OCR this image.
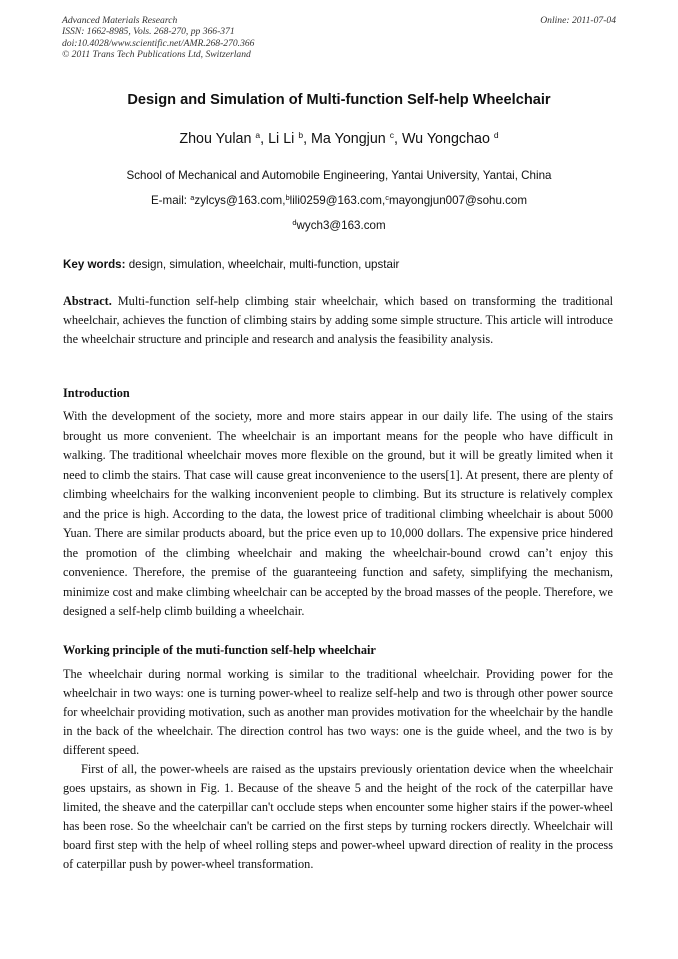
Advanced Materials Research
ISSN: 1662-8985, Vols. 268-270, pp 366-371
doi:10.4028/www.scientific.net/AMR.268-270.366
© 2011 Trans Tech Publications Ltd, Switzerland
Online: 2011-07-04
Design and Simulation of Multi-function Self-help Wheelchair
Zhou Yulan $^a$, Li Li $^b$, Ma Yongjun $^c$, Wu Yongchao $^d$
School of Mechanical and Automobile Engineering, Yantai University, Yantai, China
E-mail: $^a$zylcys@163.com,$^b$lili0259@163.com,$^c$mayongjun007@sohu.com
$^d$wych3@163.com
Key words: design, simulation, wheelchair, multi-function, upstair

Abstract. Multi-function self-help climbing stair wheelchair, which based on transforming the traditional wheelchair, achieves the function of climbing stairs by adding some simple structure. This article will introduce the wheelchair structure and principle and research and analysis the feasibility analysis.

Introduction

With the development of the society, more and more stairs appear in our daily life. The using of the stairs brought us more convenient. The wheelchair is an important means for the people who have difficult in walking. The traditional wheelchair moves more flexible on the ground, but it will be greatly limited when it need to climb the stairs. That case will cause great inconvenience to the users[1]. At present, there are plenty of climbing wheelchairs for the walking inconvenient people to climbing. But its structure is relatively complex and the price is high. According to the data, the lowest price of traditional climbing wheelchair is about 5000 Yuan. There are similar products aboard, but the price even up to 10,000 dollars. The expensive price hindered the promotion of the climbing wheelchair and making the wheelchair-bound crowd can’t enjoy this convenience. Therefore, the premise of the guaranteeing function and safety, simplifying the mechanism, minimize cost and make climbing wheelchair can be accepted by the broad masses of the people. Therefore, we designed a self-help climb building a wheelchair.

Working principle of the muti-function self-help wheelchair

The wheelchair during normal working is similar to the traditional wheelchair. Providing power for the wheelchair in two ways: one is turning power-wheel to realize self-help and two is through other power source for wheelchair providing motivation, such as another man provides motivation for the wheelchair by the handle in the back of the wheelchair. The direction control has two ways: one is the guide wheel, and the two is by different speed.

First of all, the power-wheels are raised as the upstairs previously orientation device when the wheelchair goes upstairs, as shown in Fig. 1. Because of the sheave 5 and the height of the rock of the caterpillar have limited, the sheave and the caterpillar can't occlude steps when encounter some higher stairs if the power-wheel has been rose. So the wheelchair can't be carried on the first steps by turning rockers directly. Wheelchair will board first step with the help of wheel rolling steps and power-wheel upward direction of reality in the process of caterpillar push by power-wheel transformation.
